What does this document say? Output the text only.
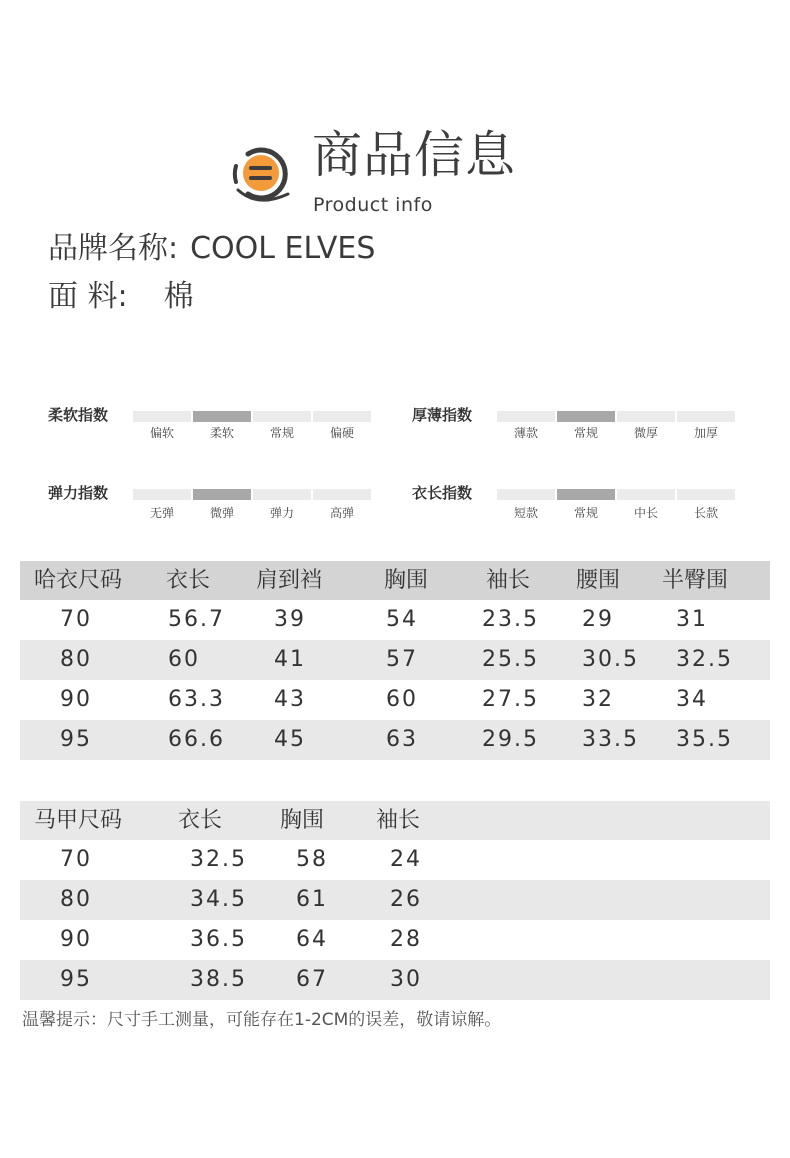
商品信息
Product info
品牌名称: COOL ELVES
面 料: 棉
柔软指数
偏软	柔软	常规	偏硬
厚薄指数
薄款	常规	微厚	加厚
弹力指数
无弹	微弹	弹力	高弹
衣长指数
短款	常规	中长	长款
哈衣尺码 衣长 肩到裆	胸围	袖长 腰围 半臀围
70	56.7 39	54	23.5 29	31
80	60	41	57	25.5 30.5 32.5
90	63.3 43	60	27.5 32	34
95	66.6 45	63	29.5 33.5 35.5
马甲尺码	衣长	胸围 袖长
70	32.5 58	24
80	34.5 61	26
90	36.5 64	28
95	38.5 67	30
温馨提示：尺寸手工测量，可能存在1-2CM的误差，敬请谅解。
